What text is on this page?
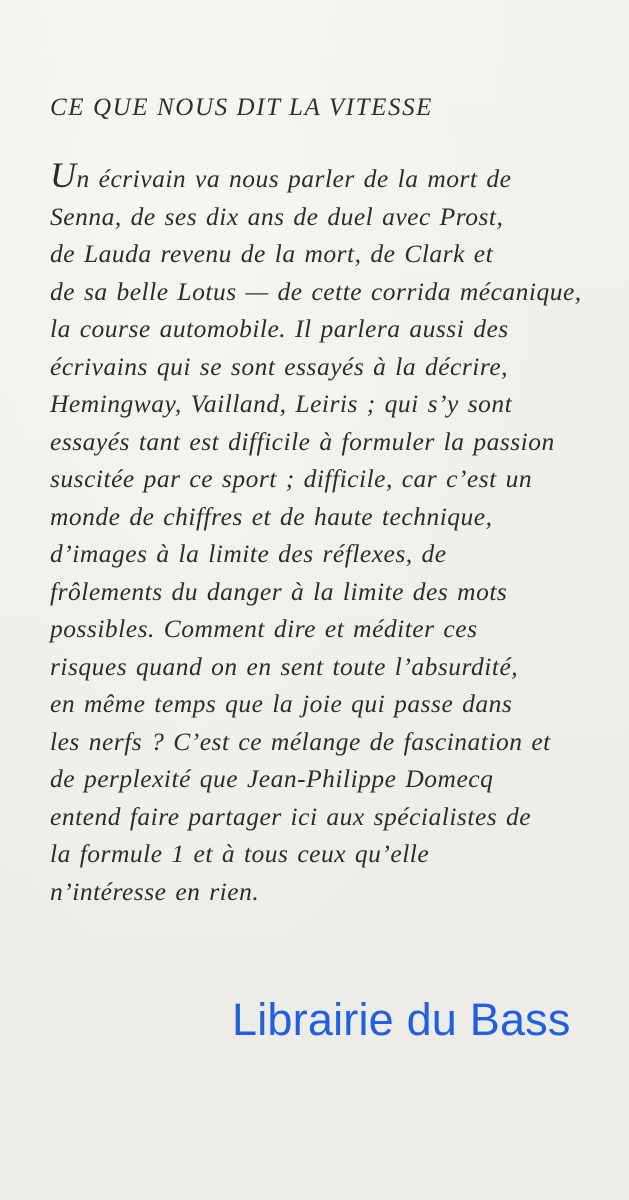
CE QUE NOUS DIT LA VITESSE
Un écrivain va nous parler de la mort de
Senna, de ses dix ans de duel avec Prost,
de Lauda revenu de la mort, de Clark et
de sa belle Lotus — de cette corrida mécanique,
la course automobile. Il parlera aussi des
écrivains qui se sont essayés à la décrire,
Hemingway, Vailland, Leiris ; qui s’y sont
essayés tant est difficile à formuler la passion
suscitée par ce sport ; difficile, car c’est un
monde de chiffres et de haute technique,
d’images à la limite des réflexes, de
frôlements du danger à la limite des mots
possibles. Comment dire et méditer ces
risques quand on en sent toute l’absurdité,
en même temps que la joie qui passe dans
les nerfs ? C’est ce mélange de fascination et
de perplexité que Jean-Philippe Domecq
entend faire partager ici aux spécialistes de
la formule 1 et à tous ceux qu’elle
n’intéresse en rien.
Librairie du Bass
